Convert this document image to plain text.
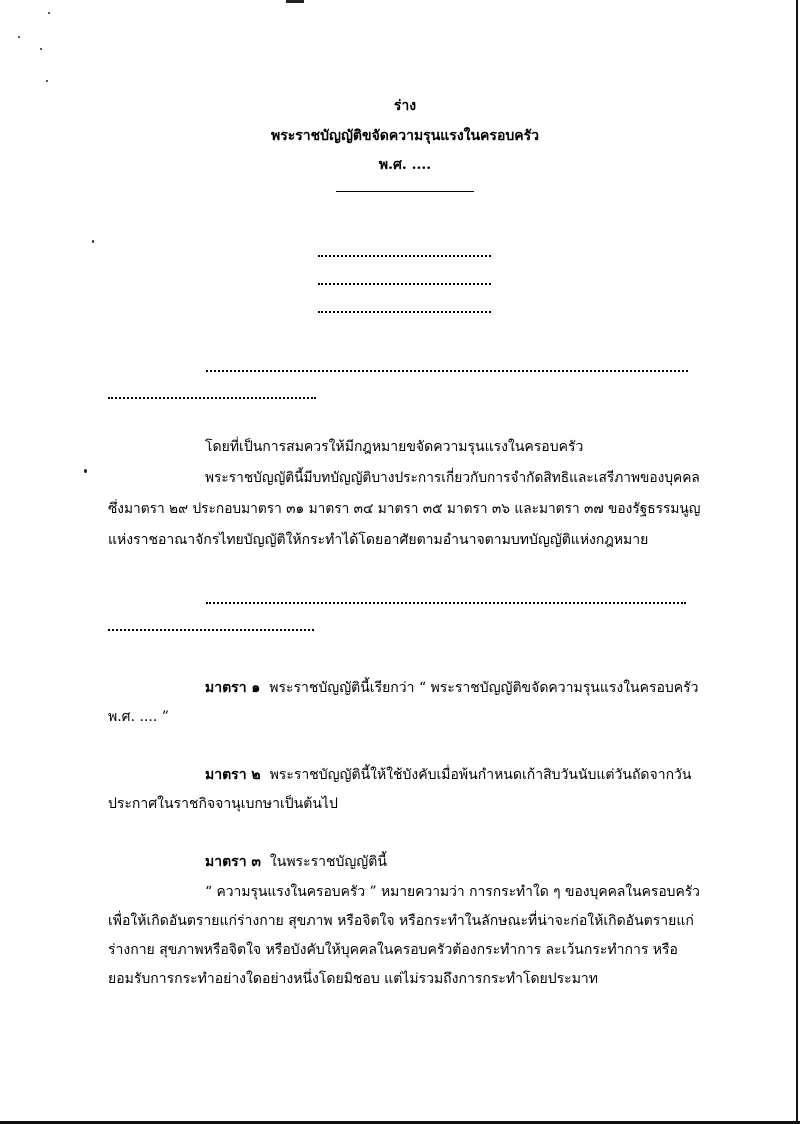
ร่าง
พระราชบัญญัติขจัดความรุนแรงในครอบครัว
พ.ศ. ....
โดยที่เป็นการสมควรให้มีกฎหมายขจัดความรุนแรงในครอบครัว
พระราชบัญญัตินี้มีบทบัญญัติบางประการเกี่ยวกับการจำกัดสิทธิและเสรีภาพของบุคคล
ซึ่งมาตรา ๒๙ ประกอบมาตรา ๓๑ มาตรา ๓๔ มาตรา ๓๕ มาตรา ๓๖ และมาตรา ๓๗ ของรัฐธรรมนูญ
แห่งราชอาณาจักรไทยบัญญัติให้กระทำได้โดยอาศัยตามอำนาจตามบทบัญญัติแห่งกฎหมาย
มาตรา ๑ พระราชบัญญัตินี้เรียกว่า “ พระราชบัญญัติขจัดความรุนแรงในครอบครัว
พ.ศ. .... ”
มาตรา ๒ พระราชบัญญัตินี้ให้ใช้บังคับเมื่อพ้นกำหนดเก้าสิบวันนับแต่วันถัดจากวัน
ประกาศในราชกิจจานุเบกษาเป็นต้นไป
มาตรา ๓ ในพระราชบัญญัตินี้
“ ความรุนแรงในครอบครัว ” หมายความว่า การกระทำใด ๆ ของบุคคลในครอบครัว
เพื่อให้เกิดอันตรายแก่ร่างกาย สุขภาพ หรือจิตใจ หรือกระทำในลักษณะที่น่าจะก่อให้เกิดอันตรายแก่
ร่างกาย สุขภาพหรือจิตใจ หรือบังคับให้บุคคลในครอบครัวต้องกระทำการ ละเว้นกระทำการ หรือ
ยอมรับการกระทำอย่างใดอย่างหนึ่งโดยมิชอบ แต่ไม่รวมถึงการกระทำโดยประมาท
